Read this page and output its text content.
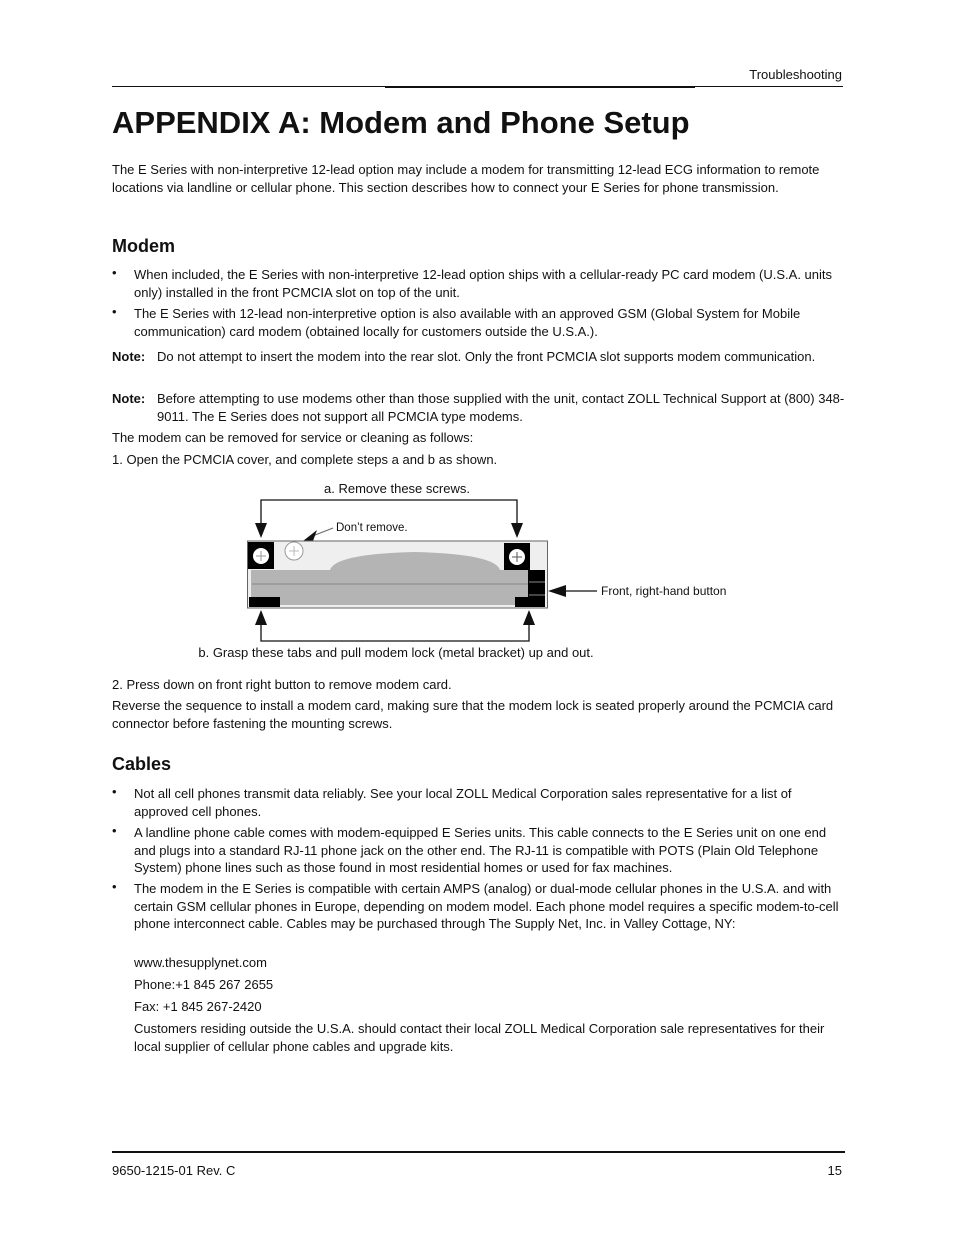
Troubleshooting
APPENDIX A: Modem and Phone Setup

The E Series with non-interpretive 12-lead option may include a modem for transmitting 12-lead ECG information to remote locations via landline or cellular phone. This section describes how to connect your E Series for phone transmission.

Modem
• When included, the E Series with non-interpretive 12-lead option ships with a cellular-ready PC card modem (U.S.A. units only) installed in the front PCMCIA slot on top of the unit.
• The E Series with 12-lead non-interpretive option is also available with an approved GSM (Global System for Mobile communication) card modem (obtained locally for customers outside the U.S.A.).
Note: Do not attempt to insert the modem into the rear slot. Only the front PCMCIA slot supports modem communication.
Note: Before attempting to use modems other than those supplied with the unit, contact ZOLL Technical Support at (800) 348-9011. The E Series does not support all PCMCIA type modems.

The modem can be removed for service or cleaning as follows:

1. Open the PCMCIA cover, and complete steps a and b as shown.

a. Remove these screws.
Don’t remove.
Front, right-hand button
b. Grasp these tabs and pull modem lock (metal bracket) up and out.

2. Press down on front right button to remove modem card.

Reverse the sequence to install a modem card, making sure that the modem lock is seated properly around the PCMCIA card connector before fastening the mounting screws.

Cables
• Not all cell phones transmit data reliably. See your local ZOLL Medical Corporation sales representative for a list of approved cell phones.
• A landline phone cable comes with modem-equipped E Series units. This cable connects to the E Series unit on one end and plugs into a standard RJ-11 phone jack on the other end. The RJ-11 is compatible with POTS (Plain Old Telephone System) phone lines such as those found in most residential homes or used for fax machines.
• The modem in the E Series is compatible with certain AMPS (analog) or dual-mode cellular phones in the U.S.A. and with certain GSM cellular phones in Europe, depending on modem model. Each phone model requires a specific modem-to-cell phone interconnect cable. Cables may be purchased through The Supply Net, Inc. in Valley Cottage, NY:
www.thesupplynet.com
Phone:+1 845 267 2655
Fax: +1 845 267-2420
Customers residing outside the U.S.A. should contact their local ZOLL Medical Corporation sale representatives for their local supplier of cellular phone cables and upgrade kits.
9650-1215-01 Rev. C	15
